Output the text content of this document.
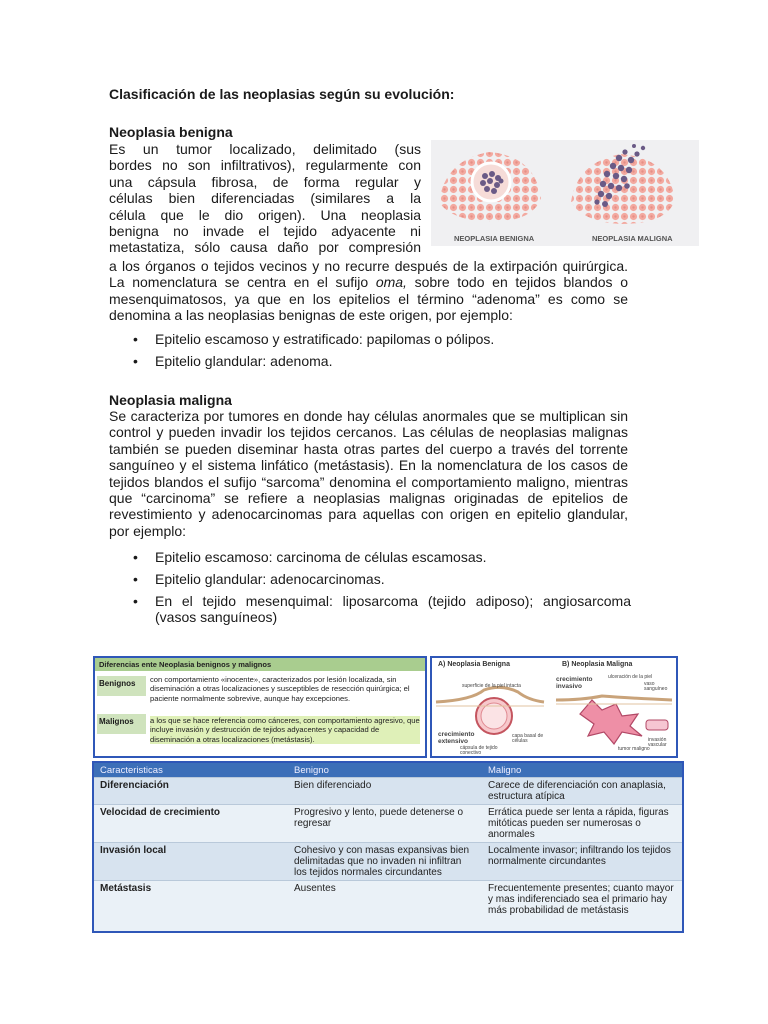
Clasificación de las neoplasias según su evolución:
Neoplasia benigna
Es un tumor localizado, delimitado (sus
bordes no son infiltrativos), regularmente con
una cápsula fibrosa, de forma regular y
células bien diferenciadas (similares a la
célula que le dio origen). Una neoplasia
benigna no invade el tejido adyacente ni
metastatiza, sólo causa daño por compresión
NEOPLASIA BENIGNA	NEOPLASIA MALIGNA
a los órganos o tejidos vecinos y no recurre después de la extirpación quirúrgica. La nomenclatura se centra en el sufijo oma, sobre todo en tejidos blandos o mesenquimatosos, ya que en los epitelios el término “adenoma” es como se denomina a las neoplasias benignas de este origen, por ejemplo:
• Epitelio escamoso y estratificado: papilomas o pólipos.
• Epitelio glandular: adenoma.
Neoplasia maligna
Se caracteriza por tumores en donde hay células anormales que se multiplican sin control y pueden invadir los tejidos cercanos. Las células de neoplasias malignas también se pueden diseminar hasta otras partes del cuerpo a través del torrente sanguíneo y el sistema linfático (metástasis). En la nomenclatura de los casos de tejidos blandos el sufijo “sarcoma” denomina el comportamiento maligno, mientras que “carcinoma” se refiere a neoplasias malignas originadas de epitelios de revestimiento y adenocarcinomas para aquellas con origen en epitelio glandular, por ejemplo:
• Epitelio escamoso: carcinoma de células escamosas.
• Epitelio glandular: adenocarcinomas.
• En el tejido mesenquimal: liposarcoma (tejido adiposo); angiosarcoma (vasos sanguíneos)
Diferencias ente Neoplasia benignos y malignos
Benignos	con comportamiento «inocente», caracterizados por lesión localizada, sin diseminación a otras localizaciones y susceptibles de resección quirúrgica; el paciente normalmente sobrevive, aunque hay excepciones.
Malignos	a los que se hace referencia como cánceres, con comportamiento agresivo, que incluye invasión y destrucción de tejidos adyacentes y capacidad de diseminación a otras localizaciones (metástasis).
A) Neoplasia Benigna	B) Neoplasia Maligna
superficie de la piel intacta
crecimiento extensivo
cápsula de tejido conectivo
capa basal de células
crecimiento invasivo
ulceración de la piel
vaso sanguíneo
tumor maligno
invasión vascular
Caracteristicas	Benigno	Maligno
Diferenciación	Bien diferenciado	Carece de diferenciación con anaplasia, estructura atípica
Velocidad de crecimiento	Progresivo y lento, puede detenerse o regresar	Errática puede ser lenta a rápida, figuras mitóticas pueden ser numerosas o anormales
Invasión local	Cohesivo y con masas expansivas bien delimitadas que no invaden ni infiltran los tejidos normales circundantes	Localmente invasor; infiltrando los tejidos normalmente circundantes
Metástasis	Ausentes	Frecuentemente presentes; cuanto mayor y mas indiferenciado sea el primario hay más probabilidad de metástasis
